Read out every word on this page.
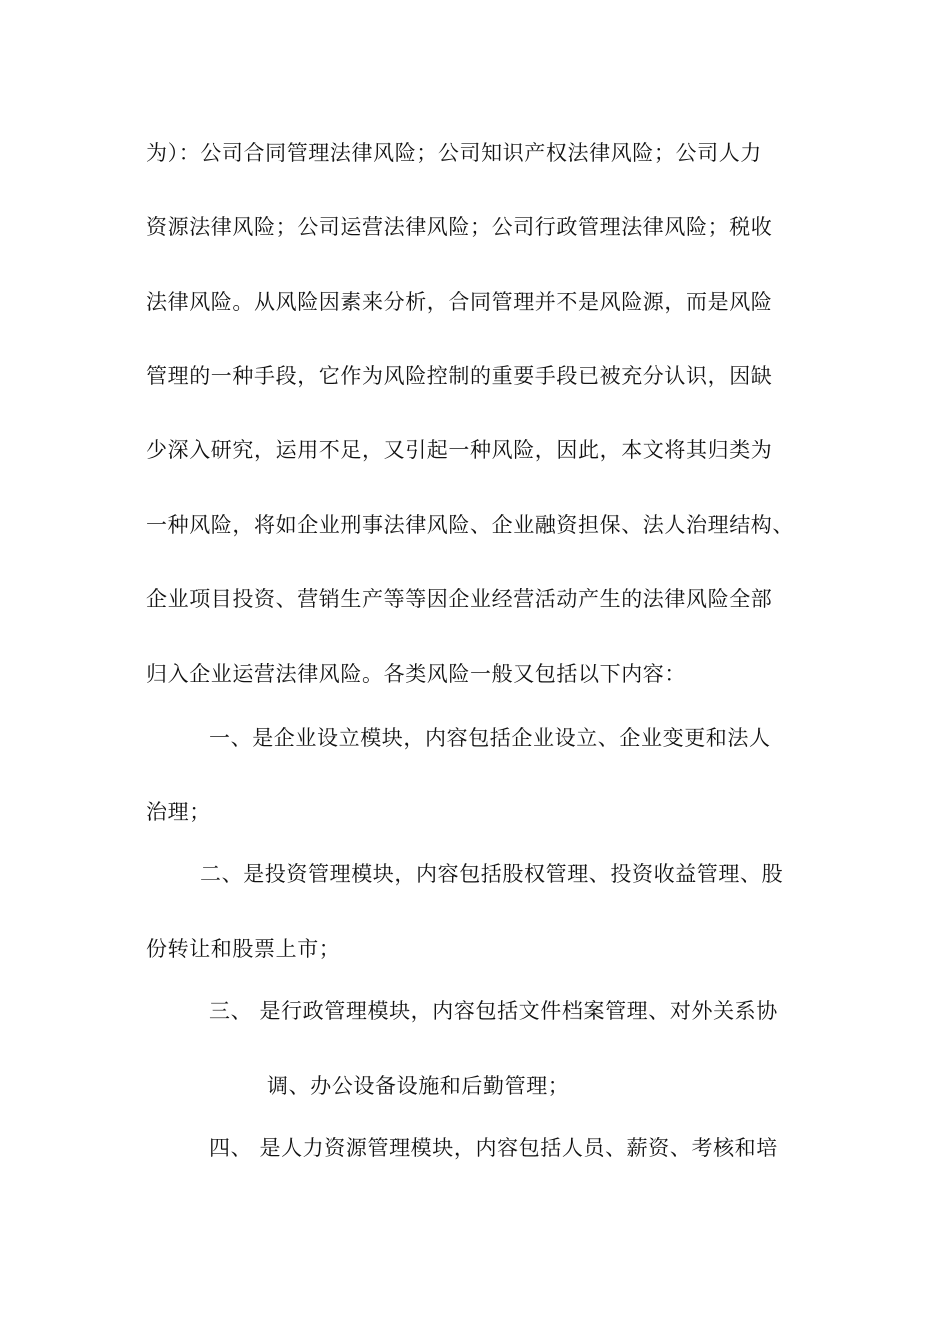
为）：公司合同管理法律风险；公司知识产权法律风险；公司人力
资源法律风险；公司运营法律风险；公司行政管理法律风险；税收
法律风险。从风险因素来分析，合同管理并不是风险源，而是风险
管理的一种手段，它作为风险控制的重要手段已被充分认识，因缺
少深入研究，运用不足，又引起一种风险，因此，本文将其归类为
一种风险，将如企业刑事法律风险、企业融资担保、法人治理结构、
企业项目投资、营销生产等等因企业经营活动产生的法律风险全部
归入企业运营法律风险。各类风险一般又包括以下内容：
一、是企业设立模块，内容包括企业设立、企业变更和法人
治理；
二、是投资管理模块，内容包括股权管理、投资收益管理、股
份转让和股票上市；
三、 是行政管理模块，内容包括文件档案管理、对外关系协
调、办公设备设施和后勤管理；
四、 是人力资源管理模块，内容包括人员、薪资、考核和培
